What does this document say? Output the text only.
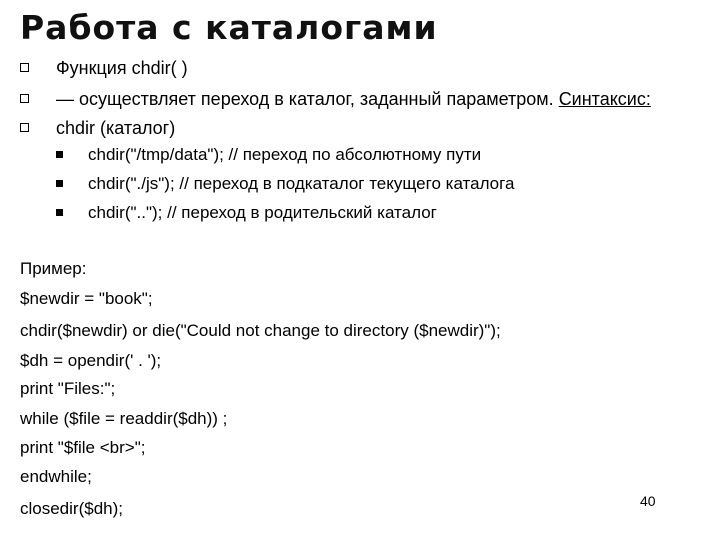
Работа с каталогами
Функция chdir( )
— осуществляет переход в каталог, заданный параметром. Синтаксис:
chdir (каталог)
chdir("/tmp/data"); // переход по абсолютному пути
chdir("./js"); // переход в подкаталог текущего каталога
chdir(".."); // переход в родительский каталог
Пример:
$newdir = "book";
chdir($newdir) or die("Could not change to directory ($newdir)");
$dh = opendir(' . ');
print "Files:";
while ($file = readdir($dh)) ;
print "$file <br>";
endwhile;
closedir($dh);	40
